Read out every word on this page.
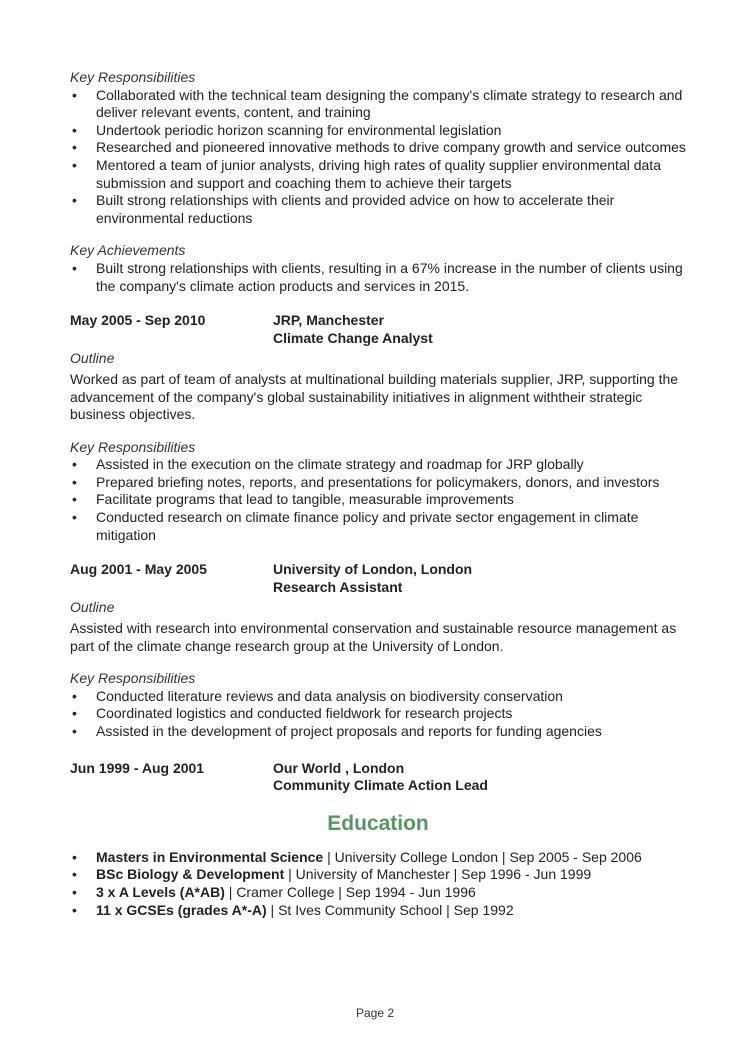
Key Responsibilities

• Collaborated with the technical team designing the company's climate strategy to research and deliver relevant events, content, and training
• Undertook periodic horizon scanning for environmental legislation
• Researched and pioneered innovative methods to drive company growth and service outcomes
• Mentored a team of junior analysts, driving high rates of quality supplier environmental data submission and support and coaching them to achieve their targets
• Built strong relationships with clients and provided advice on how to accelerate their environmental reductions

Key Achievements

• Built strong relationships with clients, resulting in a 67% increase in the number of clients using the company's climate action products and services in 2015.
May 2005 - Sep 2010	JRP, Manchester
Climate Change Analyst

Outline

Worked as part of team of analysts at multinational building materials supplier, JRP, supporting the advancement of the company's global sustainability initiatives in alignment withtheir strategic business objectives.

Key Responsibilities

• Assisted in the execution on the climate strategy and roadmap for JRP globally
• Prepared briefing notes, reports, and presentations for policymakers, donors, and investors
• Facilitate programs that lead to tangible, measurable improvements
• Conducted research on climate finance policy and private sector engagement in climate mitigation
Aug 2001 - May 2005	University of London, London
Research Assistant

Outline

Assisted with research into environmental conservation and sustainable resource management as part of the climate change research group at the University of London.

Key Responsibilities

• Conducted literature reviews and data analysis on biodiversity conservation
• Coordinated logistics and conducted fieldwork for research projects
• Assisted in the development of project proposals and reports for funding agencies
Jun 1999 - Aug 2001	Our World , London
Community Climate Action Lead
Education
• Masters in Environmental Science | University College London | Sep 2005 - Sep 2006
• BSc Biology & Development | University of Manchester | Sep 1996 - Jun 1999
• 3 x A Levels (A*AB) | Cramer College | Sep 1994 - Jun 1996
• 11 x GCSEs (grades A*-A) | St Ives Community School | Sep 1992
Page 2
